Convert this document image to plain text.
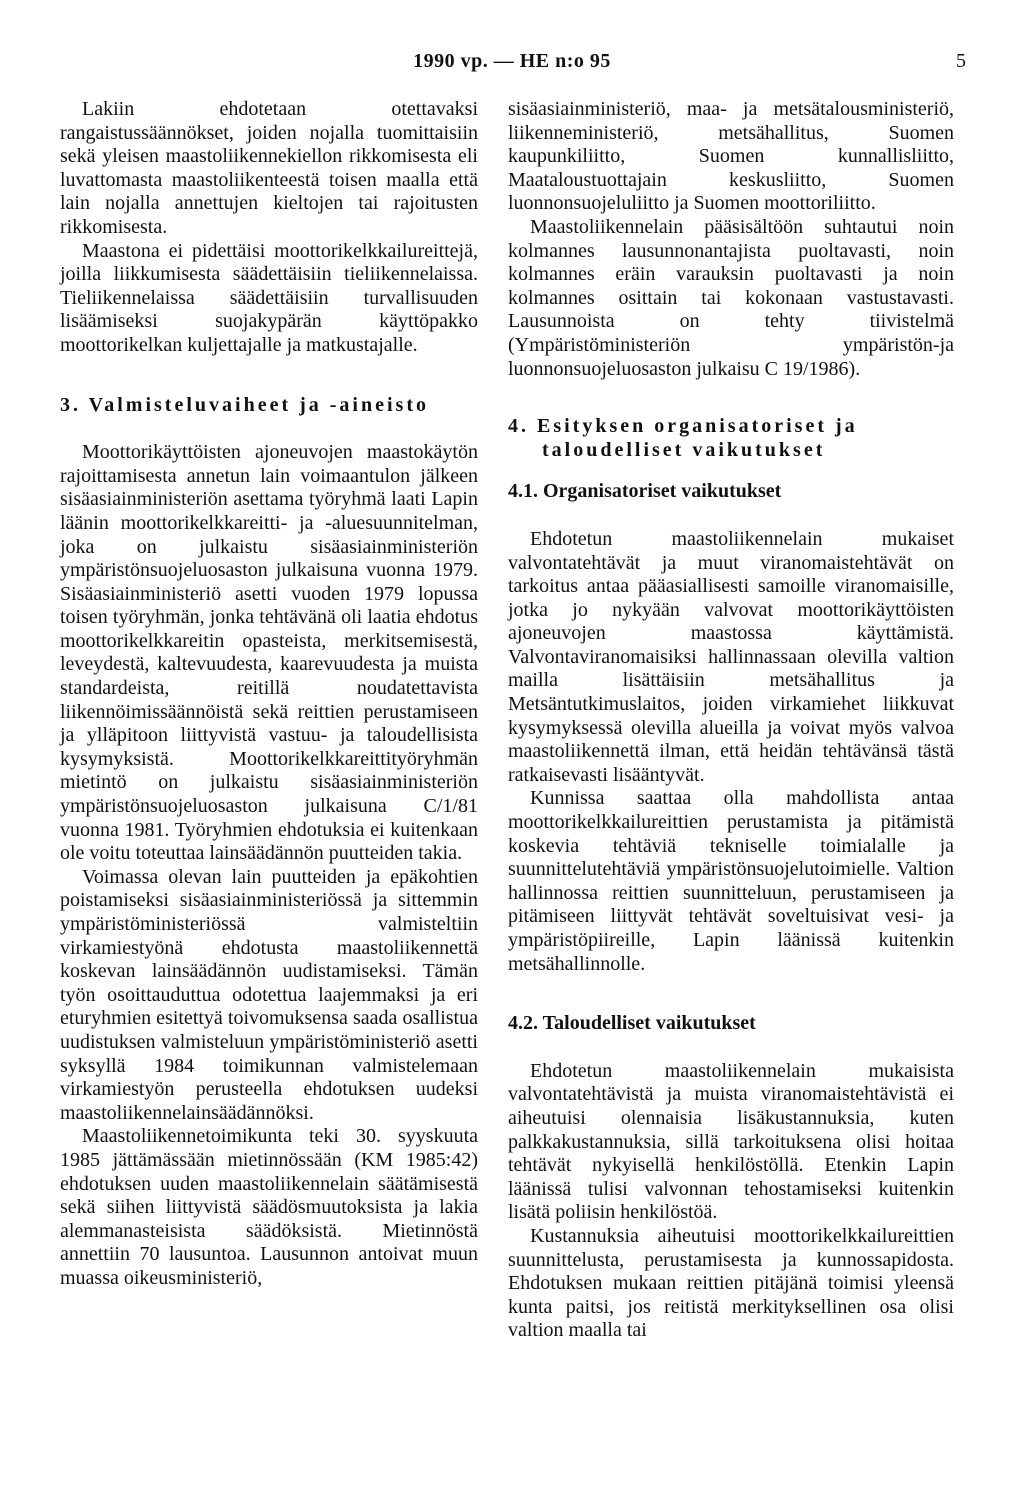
1990 vp. — HE n:o 95	5

Lakiin ehdotetaan otettavaksi rangaistussäännökset, joiden nojalla tuomittaisiin sekä yleisen maastoliikennekiellon rikkomisesta eli luvattomasta maastoliikenteestä toisen maalla että lain nojalla annettujen kieltojen tai rajoitusten rikkomisesta.

Maastona ei pidettäisi moottorikelkkailureittejä, joilla liikkumisesta säädettäisiin tieliikennelaissa. Tieliikennelaissa säädettäisiin turvallisuuden lisäämiseksi suojakypärän käyttöpakko moottorikelkan kuljettajalle ja matkustajalle.

3. Valmisteluvaiheet ja -aineisto

Moottorikäyttöisten ajoneuvojen maastokäytön rajoittamisesta annetun lain voimaantulon jälkeen sisäasiainministeriön asettama työryhmä laati Lapin läänin moottorikelkkareitti- ja -aluesuunnitelman, joka on julkaistu sisäasiainministeriön ympäristönsuojeluosaston julkaisuna vuonna 1979. Sisäasiainministeriö asetti vuoden 1979 lopussa toisen työryhmän, jonka tehtävänä oli laatia ehdotus moottorikelkkareitin opasteista, merkitsemisestä, leveydestä, kaltevuudesta, kaarevuudesta ja muista standardeista, reitillä noudatettavista liikennöimissäännöistä sekä reittien perustamiseen ja ylläpitoon liittyvistä vastuu- ja taloudellisista kysymyksistä. Moottorikelkkareittityöryhmän mietintö on julkaistu sisäasiainministeriön ympäristönsuojeluosaston julkaisuna C/1/81 vuonna 1981. Työryhmien ehdotuksia ei kuitenkaan ole voitu toteuttaa lainsäädännön puutteiden takia.

Voimassa olevan lain puutteiden ja epäkohtien poistamiseksi sisäasiainministeriössä ja sittemmin ympäristöministeriössä valmisteltiin virkamiestyönä ehdotusta maastoliikennettä koskevan lainsäädännön uudistamiseksi. Tämän työn osoittauduttua odotettua laajemmaksi ja eri eturyhmien esitettyä toivomuksensa saada osallistua uudistuksen valmisteluun ympäristöministeriö asetti syksyllä 1984 toimikunnan valmistelemaan virkamiestyön perusteella ehdotuksen uudeksi maastoliikennelainsäädännöksi.

Maastoliikennetoimikunta teki 30. syyskuuta 1985 jättämässään mietinnössään (KM 1985:42) ehdotuksen uuden maastoliikennelain säätämisestä sekä siihen liittyvistä säädösmuutoksista ja lakia alemmanasteisista säädöksistä. Mietinnöstä annettiin 70 lausuntoa. Lausunnon antoivat muun muassa oikeusministeriö,

sisäasiainministeriö, maa- ja metsätalousministeriö, liikenneministeriö, metsähallitus, Suomen kaupunkiliitto, Suomen kunnallisliitto, Maataloustuottajain keskusliitto, Suomen luonnonsuojeluliitto ja Suomen moottoriliitto.

Maastoliikennelain pääsisältöön suhtautui noin kolmannes lausunnonantajista puoltavasti, noin kolmannes eräin varauksin puoltavasti ja noin kolmannes osittain tai kokonaan vastustavasti. Lausunnoista on tehty tiivistelmä (Ympäristöministeriön ympäristön-ja luonnonsuojeluosaston julkaisu C 19/1986).

4. Esityksen organisatoriset ja

taloudelliset vaikutukset

4.1. Organisatoriset vaikutukset

Ehdotetun maastoliikennelain mukaiset valvontatehtävät ja muut viranomaistehtävät on tarkoitus antaa pääasiallisesti samoille viranomaisille, jotka jo nykyään valvovat moottorikäyttöisten ajoneuvojen maastossa käyttämistä. Valvontaviranomaisiksi hallinnassaan olevilla valtion mailla lisättäisiin metsähallitus ja Metsäntutkimuslaitos, joiden virkamiehet liikkuvat kysymyksessä olevilla alueilla ja voivat myös valvoa maastoliikennettä ilman, että heidän tehtävänsä tästä ratkaisevasti lisääntyvät.

Kunnissa saattaa olla mahdollista antaa moottorikelkkailureittien perustamista ja pitämistä koskevia tehtäviä tekniselle toimialalle ja suunnittelutehtäviä ympäristönsuojelutoimielle. Valtion hallinnossa reittien suunnitteluun, perustamiseen ja pitämiseen liittyvät tehtävät soveltuisivat vesi- ja ympäristöpiireille, Lapin läänissä kuitenkin metsähallinnolle.

4.2. Taloudelliset vaikutukset

Ehdotetun maastoliikennelain mukaisista valvontatehtävistä ja muista viranomaistehtävistä ei aiheutuisi olennaisia lisäkustannuksia, kuten palkkakustannuksia, sillä tarkoituksena olisi hoitaa tehtävät nykyisellä henkilöstöllä. Etenkin Lapin läänissä tulisi valvonnan tehostamiseksi kuitenkin lisätä poliisin henkilöstöä.

Kustannuksia aiheutuisi moottorikelkkailureittien suunnittelusta, perustamisesta ja kunnossapidosta. Ehdotuksen mukaan reittien pitäjänä toimisi yleensä kunta paitsi, jos reitistä merkityksellinen osa olisi valtion maalla tai
